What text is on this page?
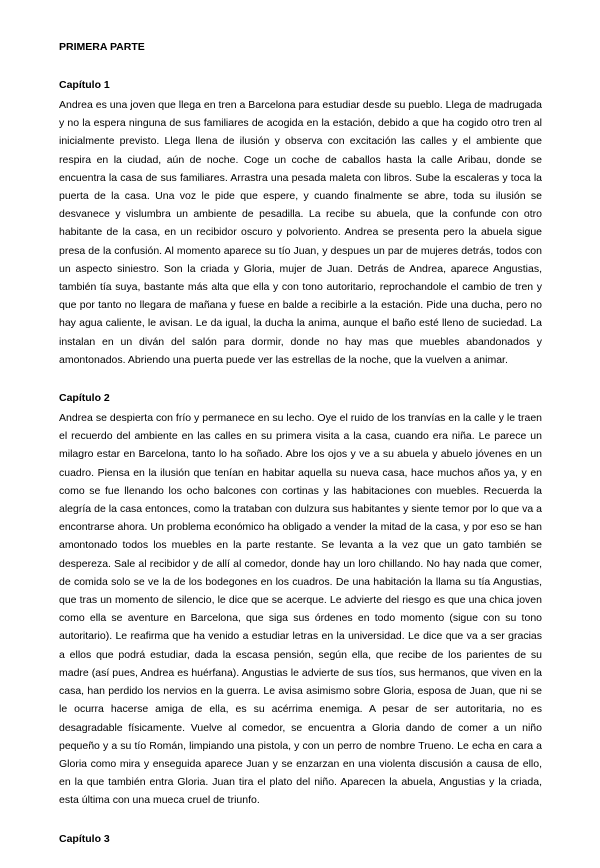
PRIMERA PARTE
Capítulo 1

Andrea es una joven que llega en tren a Barcelona para estudiar desde su pueblo. Llega de madrugada y no la espera ninguna de sus familiares de acogida en la estación, debido a que ha cogido otro tren al inicialmente previsto. Llega llena de ilusión y observa con excitación las calles y el ambiente que respira en la ciudad, aún de noche. Coge un coche de caballos hasta la calle Aribau, donde se encuentra la casa de sus familiares. Arrastra una pesada maleta con libros. Sube la escaleras y toca la puerta de la casa. Una voz le pide que espere, y cuando finalmente se abre, toda su ilusión se desvanece y vislumbra un ambiente de pesadilla. La recibe su abuela, que la confunde con otro habitante de la casa, en un recibidor oscuro y polvoriento. Andrea se presenta pero la abuela sigue presa de la confusión. Al momento aparece su tío Juan, y despues un par de mujeres detrás, todos con un aspecto siniestro. Son la criada y Gloria, mujer de Juan. Detrás de Andrea, aparece Angustias, también tía suya, bastante más alta que ella y con tono autoritario, reprochandole el cambio de tren y que por tanto no llegara de mañana y fuese en balde a recibirle a la estación. Pide una ducha, pero no hay agua caliente, le avisan. Le da igual, la ducha la anima, aunque el baño esté lleno de suciedad. La instalan en un diván del salón para dormir, donde no hay mas que muebles abandonados y amontonados. Abriendo una puerta puede ver las estrellas de la noche, que la vuelven a animar.

Capítulo 2

Andrea se despierta con frío y permanece en su lecho. Oye el ruido de los tranvías en la calle y le traen el recuerdo del ambiente en las calles en su primera visita a la casa, cuando era niña. Le parece un milagro estar en Barcelona, tanto lo ha soñado. Abre los ojos y ve a su abuela y abuelo jóvenes en un cuadro. Piensa en la ilusión que tenían en habitar aquella su nueva casa, hace muchos años ya, y en como se fue llenando los ocho balcones con cortinas y las habitaciones con muebles. Recuerda la alegría de la casa entonces, como la trataban con dulzura sus habitantes y siente temor por lo que va a encontrarse ahora. Un problema económico ha obligado a vender la mitad de la casa, y por eso se han amontonado todos los muebles en la parte restante. Se levanta a la vez que un gato también se despereza. Sale al recibidor y de allí al comedor, donde hay un loro chillando. No hay nada que comer, de comida solo se ve la de los bodegones en los cuadros. De una habitación la llama su tía Angustias, que tras un momento de silencio, le dice que se acerque. Le advierte del riesgo es que una chica joven como ella se aventure en Barcelona, que siga sus órdenes en todo momento (sigue con su tono autoritario). Le reafirma que ha venido a estudiar letras en la universidad. Le dice que va a ser gracias a ellos que podrá estudiar, dada la escasa pensión, según ella, que recibe de los parientes de su madre (así pues, Andrea es huérfana). Angustias le advierte de sus tíos, sus hermanos, que viven en la casa, han perdido los nervios en la guerra. Le avisa asimismo sobre Gloria, esposa de Juan, que ni se le ocurra hacerse amiga de ella, es su acérrima enemiga. A pesar de ser autoritaria, no es desagradable físicamente. Vuelve al comedor, se encuentra a Gloria dando de comer a un niño pequeño y a su tío Román, limpiando una pistola, y con un perro de nombre Trueno. Le echa en cara a Gloria como mira y enseguida aparece Juan y se enzarzan en una violenta discusión a causa de ello, en la que también entra Gloria. Juan tira el plato del niño. Aparecen la abuela, Angustias y la criada, esta última con una mueca cruel de triunfo.

Capítulo 3
